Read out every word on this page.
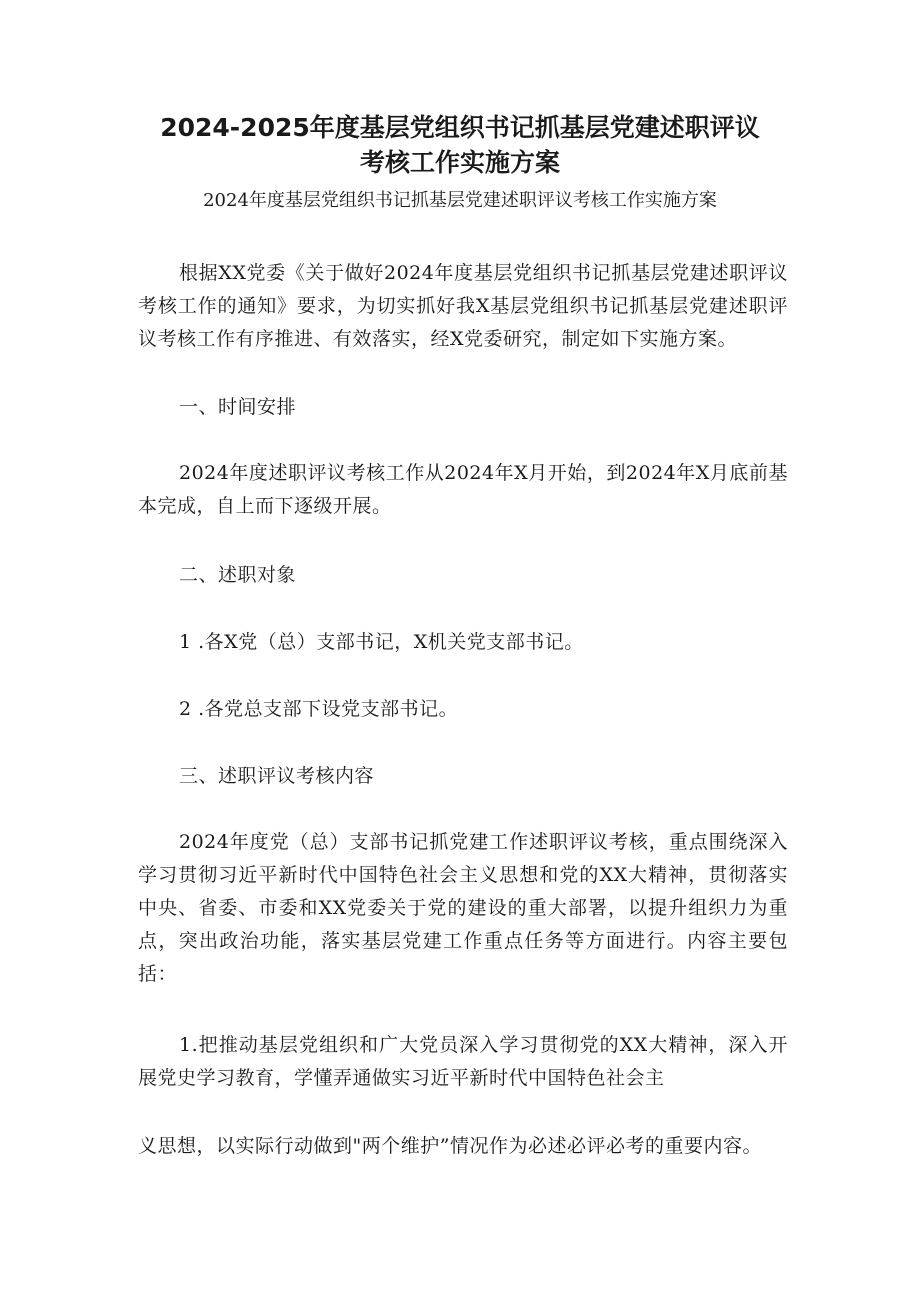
2024-2025年度基层党组织书记抓基层党建述职评议
考核工作实施方案
2024年度基层党组织书记抓基层党建述职评议考核工作实施方案

根据XX党委《关于做好2024年度基层党组织书记抓基层党建述职评议考核工作的通知》要求，为切实抓好我X基层党组织书记抓基层党建述职评议考核工作有序推进、有效落实，经X党委研究，制定如下实施方案。

一、时间安排

2024年度述职评议考核工作从2024年X月开始，到2024年X月底前基本完成，自上而下逐级开展。

二、述职对象

1 .各X党（总）支部书记，X机关党支部书记。

2 .各党总支部下设党支部书记。

三、述职评议考核内容

2024年度党（总）支部书记抓党建工作述职评议考核，重点围绕深入学习贯彻习近平新时代中国特色社会主义思想和党的XX大精神，贯彻落实中央、省委、市委和XX党委关于党的建设的重大部署，以提升组织力为重点，突出政治功能，落实基层党建工作重点任务等方面进行。内容主要包括：

1.把推动基层党组织和广大党员深入学习贯彻党的XX大精神，深入开展党史学习教育，学懂弄通做实习近平新时代中国特色社会主

义思想，以实际行动做到"两个维护”情况作为必述必评必考的重要内容。
